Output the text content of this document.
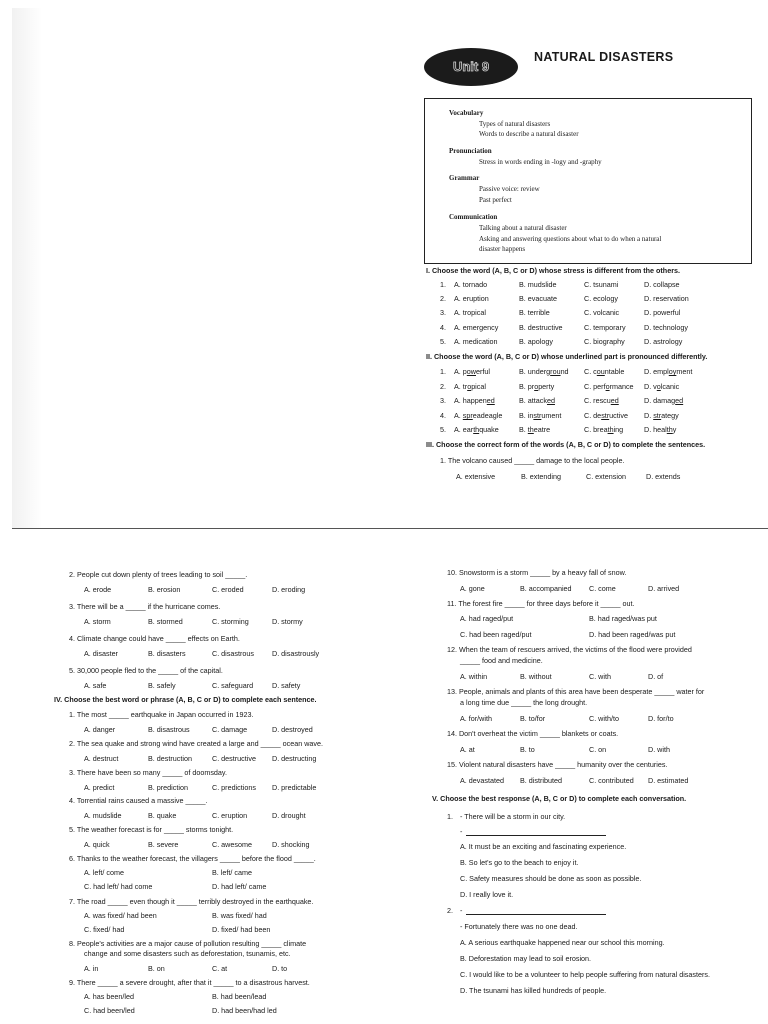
Unit 9
NATURAL DISASTERS
Vocabulary
Types of natural disasters
Words to describe a natural disaster
Pronunciation
Stress in words ending in -logy and -graphy
Grammar
Passive voice: review
Past perfect
Communication
Talking about a natural disaster
Asking and answering questions about what to do when a natural
disaster happens
I. Choose the word (A, B, C or D) whose stress is different from the others.
1. A. tornado	B. mudslide	C. tsunami	D. collapse
2. A. eruption	B. evacuate	C. ecology	D. reservation
3. A. tropical	B. terrible	C. volcanic	D. powerful
4. A. emergency	B. destructive	C. temporary	D. technology
5. A. medication	B. apology	C. biography	D. astrology
II. Choose the word (A, B, C or D) whose underlined part is pronounced differently.
1. A. powerful	B. underground C. countable	D. employment
2. A. tropical	B. property	C. performance D. volcanic
3. A. happened	B. attacked	C. rescued	D. damaged
4. A. spreadeagle B. instrument	C. destructive D. strategy
5. A. earthquake	B. theatre	C. breathing	D. healthy
III. Choose the correct form of the words (A, B, C or D) to complete the sentences.
1. The volcano caused _____ damage to the local people.
A. extensive	B. extending	C. extension	D. extends
2. People cut down plenty of trees leading to soil _____.
A. erode	B. erosion	C. eroded	D. eroding
3. There will be a _____ if the hurricane comes.
A. storm	B. stormed	C. storming	D. stormy
4. Climate change could have _____ effects on Earth.
A. disaster	B. disasters	C. disastrous	D. disastrously
5. 30,000 people fled to the _____ of the capital.
A. safe	B. safely	C. safeguard	D. safety
IV. Choose the best word or phrase (A, B, C or D) to complete each sentence.
1. The most _____ earthquake in Japan occurred in 1923.
A. danger	B. disastrous	C. damage	D. destroyed
2. The sea quake and strong wind have created a large and _____ ocean wave.
A. destruct	B. destruction	C. destructive D. destructing
3. There have been so many _____ of doomsday.
A. predict	B. prediction	C. predictions D. predictable
4. Torrential rains caused a massive _____.
A. mudslide	B. quake	C. eruption	D. drought
5. The weather forecast is for _____ storms tonight.
A. quick	B. severe	C. awesome	D. shocking
6. Thanks to the weather forecast, the villagers _____ before the flood _____.
A. left/ come	B. left/ came
C. had left/ had come	D. had left/ came
7. The road _____ even though it _____ terribly destroyed in the earthquake.
A. was fixed/ had been	B. was fixed/ had
C. fixed/ had	D. fixed/ had been
8. People's activities are a major cause of pollution resulting _____ climate
change and some disasters such as deforestation, tsunamis, etc.
A. in	B. on	C. at	D. to
9. There _____ a severe drought, after that it _____ to a disastrous harvest.
A. has been/led	B. had been/lead
C. had been/led	D. had been/had led
10. Snowstorm is a storm _____ by a heavy fall of snow.
A. gone	B. accompanied C. come	D. arrived
11. The forest fire _____ for three days before it _____ out.
A. had raged/put	B. had raged/was put
C. had been raged/put	D. had been raged/was put
12. When the team of rescuers arrived, the victims of the flood were provided
_____ food and medicine.
A. within	B. without	C. with	D. of
13. People, animals and plants of this area have been desperate _____ water for
a long time due _____ the long drought.
A. for/with	B. to/for	C. with/to	D. for/to
14. Don't overheat the victim _____ blankets or coats.
A. at	B. to	C. on	D. with
15. Violent natural disasters have _____ humanity over the centuries.
A. devastated B. distributed	C. contributed D. estimated
V. Choose the best response (A, B, C or D) to complete each conversation.
1. - There will be a storm in our city.
-
A. It must be an exciting and fascinating experience.
B. So let's go to the beach to enjoy it.
C. Safety measures should be done as soon as possible.
D. I really love it.
2. -
- Fortunately there was no one dead.
A. A serious earthquake happened near our school this morning.
B. Deforestation may lead to soil erosion.
C. I would like to be a volunteer to help people suffering from natural disasters.
D. The tsunami has killed hundreds of people.
